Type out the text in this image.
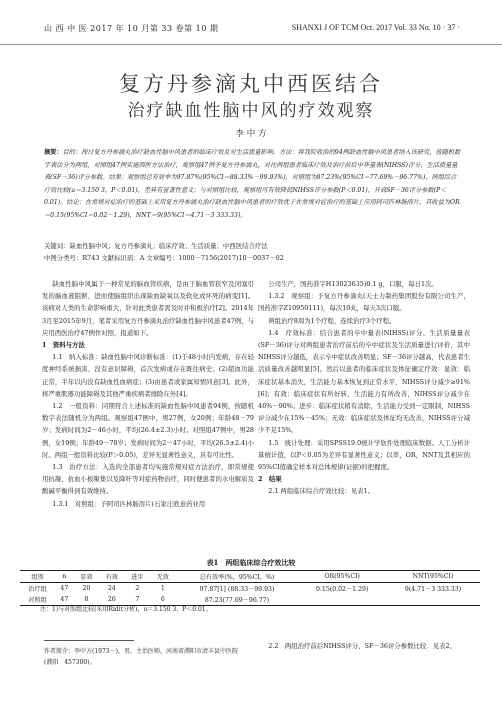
山 西 中 医 2017 年 10 月第 33 卷第 10 期	SHANXI J OF TCM Oct. 2017 Vol. 33 No. 10 · 37 ·
复方丹参滴丸中西医结合
治疗缺血性脑中风的疗效观察
李 中 方
摘要：目的：探讨复方丹参滴丸治疗缺血性脑中风患者的临床疗效及对生活质量影响。方法：将我院收治的94例缺血性脑中风患者纳入该研究，按随机数字表法分为两组，对照组47例实施西医方法治疗，观察组47例予复方丹参滴丸，对比两组患者临床疗效及治疗前后中华量表(NIHSS)评分、生活质量量表(SF－36)评分参数。结果：观察组总有效率为97.87%(95%CI＝88.33%－99.93%)，对照组为87.23%(95%CI＝77.69%－96.77%)，两组综合疗效比较(u＝3.150 3，P＜0.01)，差异有显著性意义；与对照组比较，观察组可有效降低NIHSS评分参数(P＜0.01)，升高SF－36评分参数(P＜0.01)。结论：在常规对症治疗的基础上采用复方丹参滴丸治疗缺血性脑中风患者的疗效优于在常规对症治疗的基础上应用阿司匹林肠溶片，其收益为OR＝0.15(95%CI＝0.02－1.29)，NNT＝9(95%CI＝4.71－3 333.33)。
关键词：缺血性脑中风；复方丹参滴丸；临床疗效；生活质量；中西医结合疗法
中图分类号：R743 文献标识码：A 文章编号：1000－7156(2017)10－0037－02

缺血性脑中风属于一种常见的脑血管疾病，是由于脑血管狭窄及闭塞引发的脑血液阻断，进而使脑组织出现缺血缺氧以及软化或坏死的病变[1]。该病对人类的生命影响重大，针对此类患者需及时并积极治疗[2]。2014年3月至2015年9月，笔者采用复方丹参滴丸治疗缺血性脑中风患者47例，与应用西医治疗47例作对照，报道如下。

1　资料与方法

1.1　纳入标准：缺血性脑中风诊断标准：(1)于48小时内发病，存在轻度神经系统损害，没有意识障碍，首次发病或存在既往病史；(2)超血功能正常，半年以内没有缺血性血病症；(3)由患者或家属知情同意[3]。此外，将严重肌器功能障碍及其他严重疾病者排除在外[4]。

1.2　一般资料：同期符合上述标准的缺血性脑中风患者94例，按随机数字表法随机分为两组。观察组47例中，男27例，女20例；年龄48－79岁；发病时间为2－46小时，平均(26.4±2.3)小时。对照组47例中，男28例，女19例；年龄49－78岁；发病时间为2－47小时，平均(26.5±2.4)小时。两组一般资料比较(P＞0.05)，差异无显著性意义，具有可比性。

1.3　治疗方法：入选的全部患者均实施常规对症方法治疗，即常规使用抗凝、抗血小板聚集以及降纤等对症药物治疗，同时便患者的水电解质及酸碱平衡得到有效维持。

1.3.1　对照组：予阿司匹林肠溶片(石家庄欧意药业用

公司生产，国药准字H13023635)0.1 g，口服，每日1次。

1.3.2　观察组：予复方丹参滴丸(天士力制药集团股份有限公司生产，国药准字Z10950111)，每次10丸，每天3次口服。

两组治疗8周为1个疗程，连续治疗3个疗程。

1.4　疗效标准：结合患者的卒中量表(NIHSS)评分、生活质量量表(SF－36)评分对两组患者治疗前后的卒中症状及生活质量进行评价，其中NIHSS评分越低，表示卒中症状改善明显；SF－36评分越高，代表患者生活质量改善越明显[5]。然后以患者的临床症状及体征确定疗效：显效：临床症状基本消失，生活能力基本恢复到正常水平，NIHSS评分减少≥91%[6]；有效：临床症状有所好转，生活能力有所改善，NIHSS评分减少在46%－90%；进步：临床症状稍有消除，生活能力受到一定限制，NIHSS评分减少在15%－45%；无效：临床症状及体征均无改善，NIHSS评分减少不足15%。

1.5　统计处理：采用SPSS19.0统计学软件处理临床数据。人工分析计算统计值，以P＜0.05为差异有显著性意义；以率，OR，NNT及其相应的95%CI值确定样本对总体规律(证据)的把握度。

2　结果

2.1 两组临床综合疗效比较：见表1。

表1　两组临床综合疗效比较
组别	n	显效	有效	进步	无效	总有效率(%，95%CI，%)	OR(95%CI)	NNT(95%CI)
治疗组	47	20	24	2	1	97.87[1] (88.33－99.93)	0.15(0.02－1.29)	9(4.71－3 333.33)
对照组	47	8	26	7	6	87.23(77.69－96.77)		
注：1)与对照组比较(采用Ridit分析)，u＝3.150 3，P＜0.01。
作者简介：李中方(1973－)，男，主治医师，河南省濮阳市清丰县中医院(濮阳　457300)。

2.2　两组治疗前后NIHSS评分、SF－36评分参数比较：见表2。
